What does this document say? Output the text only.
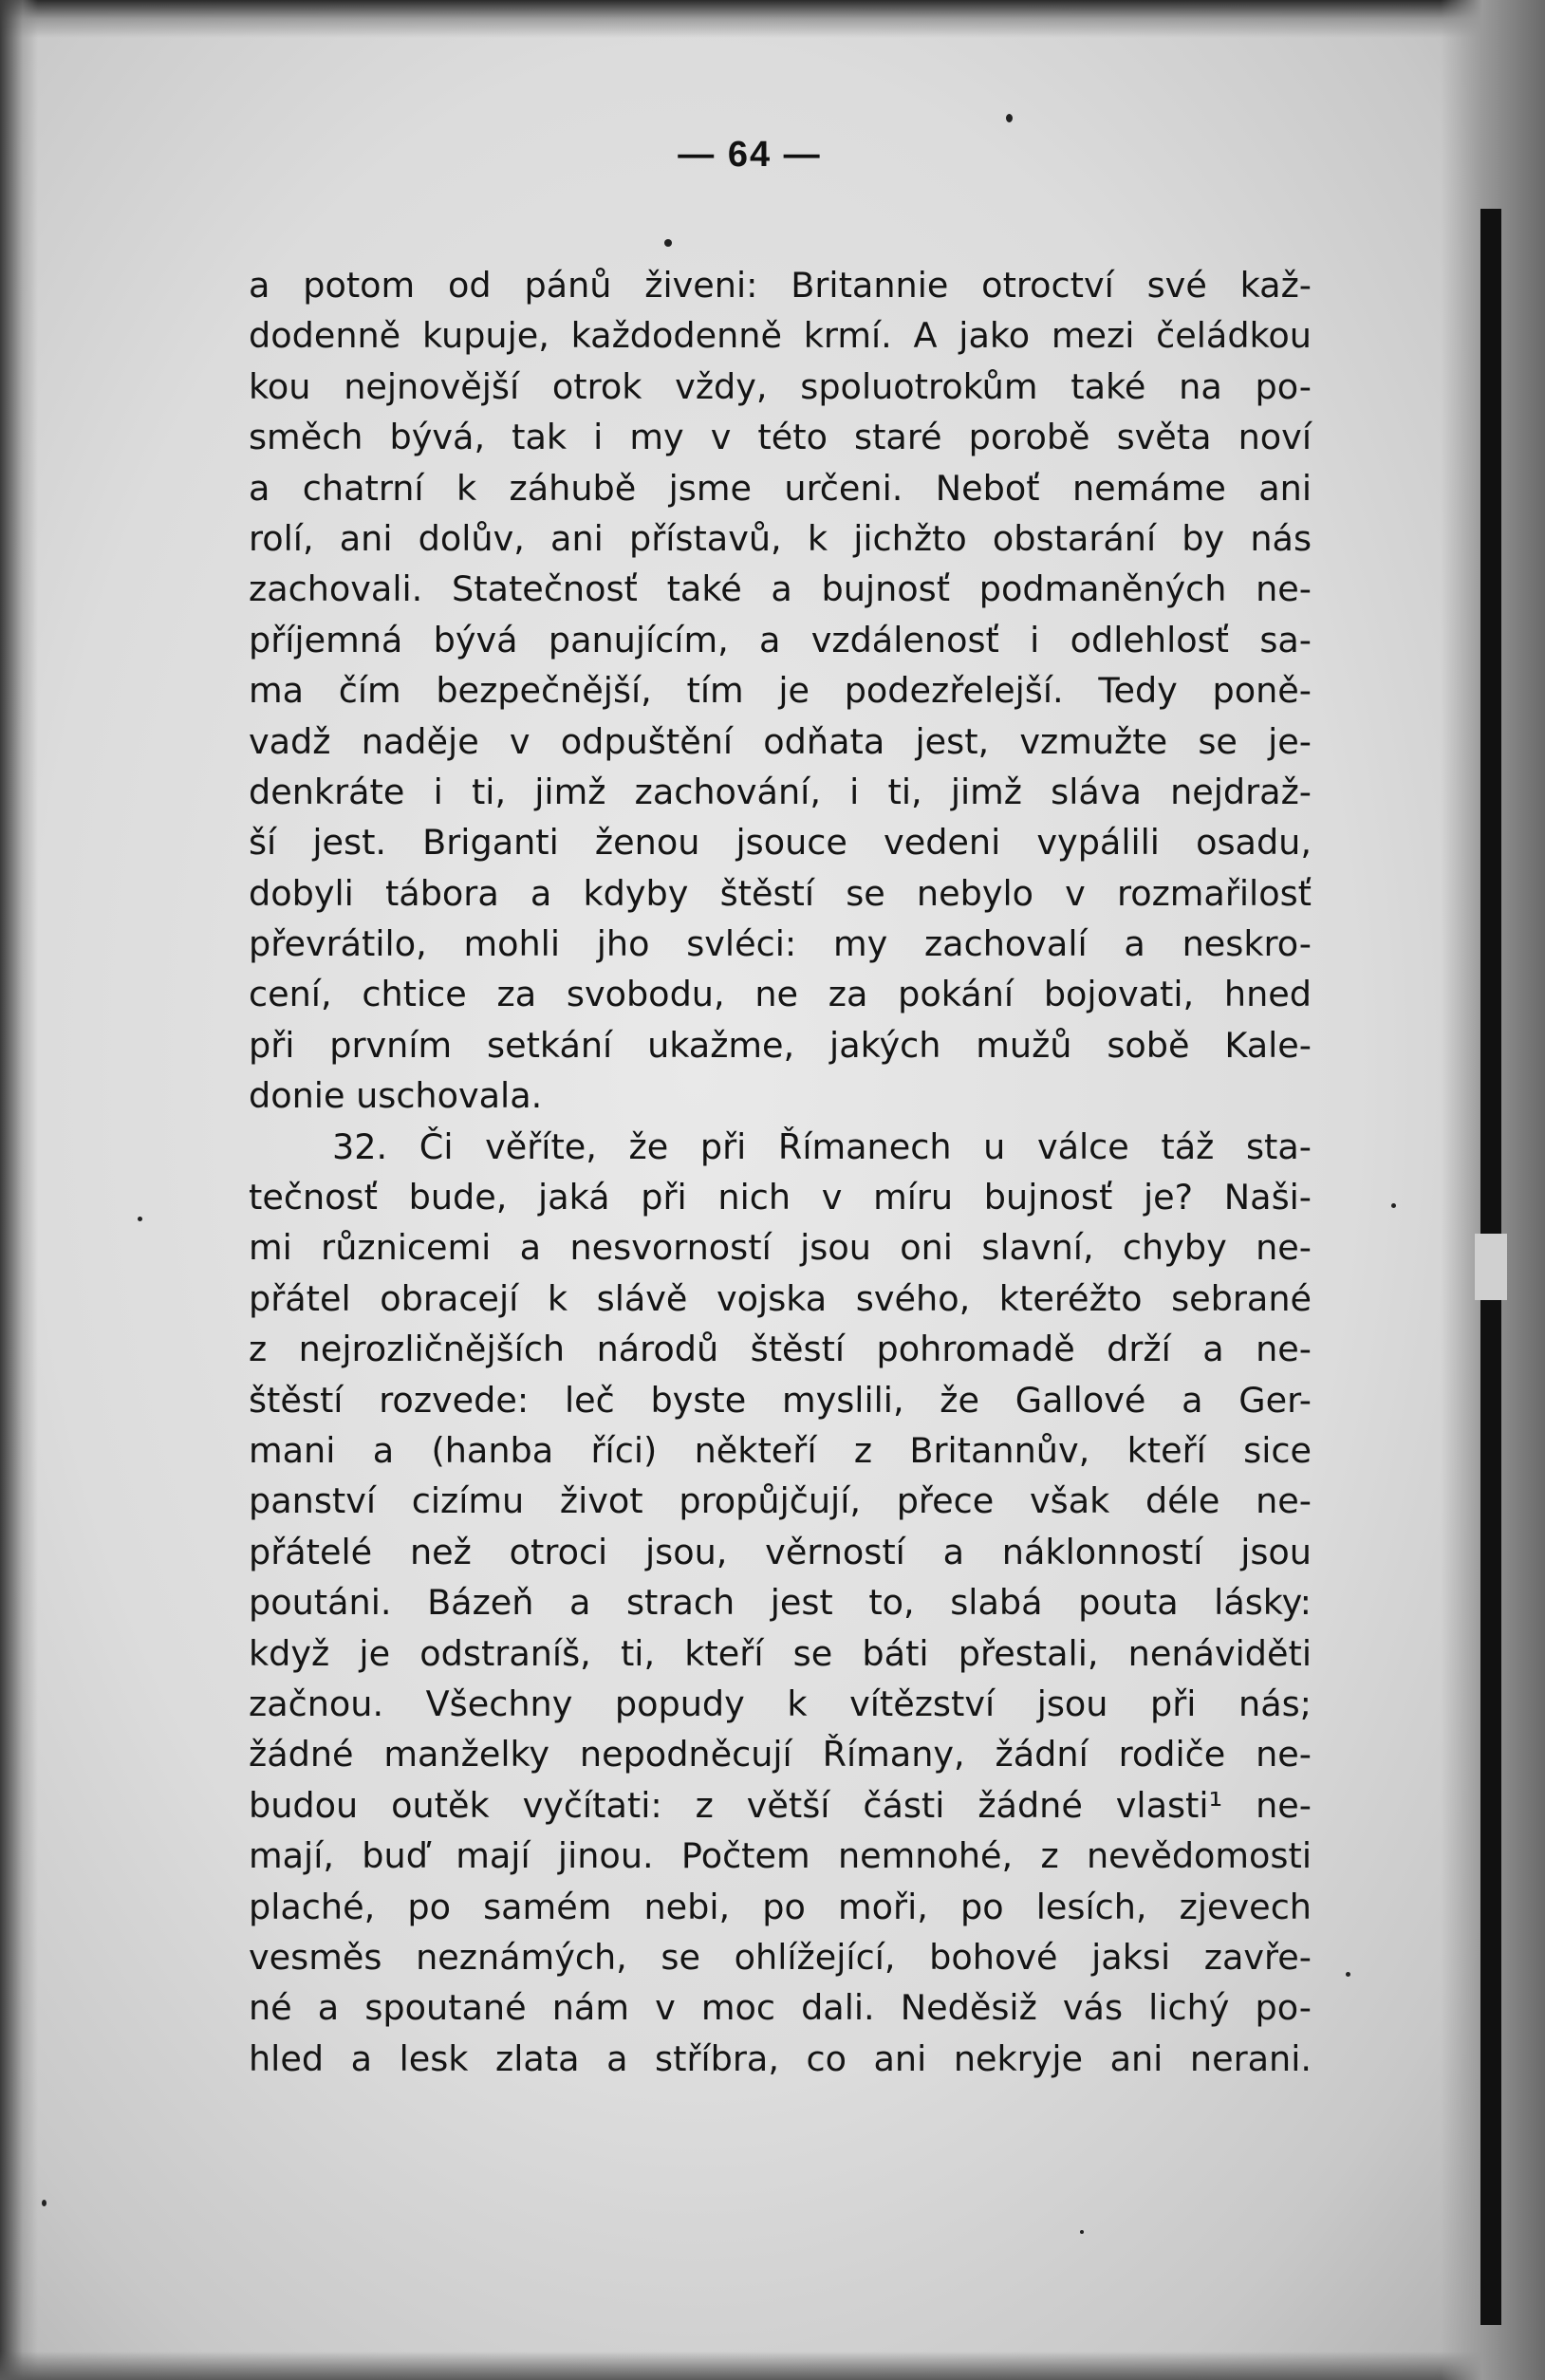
— 64 —
a potom od pánů živeni: Britannie otroctví své kaž-
dodenně kupuje, každodenně krmí. A jako mezi čeládkou
kou nejnovější otrok vždy, spoluotrokům také na po-
směch bývá, tak i my v této staré porobě světa noví
a chatrní k záhubě jsme určeni. Neboť nemáme ani
rolí, ani dolův, ani přístavů, k jichžto obstarání by nás
zachovali. Statečnosť také a bujnosť podmaněných ne-
příjemná bývá panujícím, a vzdálenosť i odlehlosť sa-
ma čím bezpečnější, tím je podezřelejší. Tedy poně-
vadž naděje v odpuštění odňata jest, vzmužte se je-
denkráte i ti, jimž zachování, i ti, jimž sláva nejdraž-
ší jest. Briganti ženou jsouce vedeni vypálili osadu,
dobyli tábora a kdyby štěstí se nebylo v rozmařilosť
převrátilo, mohli jho svléci: my zachovalí a neskro-
cení, chtice za svobodu, ne za pokání bojovati, hned
při prvním setkání ukažme, jakých mužů sobě Kale-
donie uschovala.
32. Či věříte, že při Římanech u válce táž sta-
tečnosť bude, jaká při nich v míru bujnosť je? Naši-
mi různicemi a nesvorností jsou oni slavní, chyby ne-
přátel obracejí k slávě vojska svého, kteréžto sebrané
z nejrozličnějších národů štěstí pohromadě drží a ne-
štěstí rozvede: leč byste myslili, že Gallové a Ger-
mani a (hanba říci) někteří z Britannův, kteří sice
panství cizímu život propůjčují, přece však déle ne-
přátelé než otroci jsou, věrností a náklonností jsou
poutáni. Bázeň a strach jest to, slabá pouta lásky:
když je odstraníš, ti, kteří se báti přestali, nenáviděti
začnou. Všechny popudy k vítězství jsou při nás;
žádné manželky nepodněcují Římany, žádní rodiče ne-
budou outěk vyčítati: z větší části žádné vlasti¹ ne-
mají, buď mají jinou. Počtem nemnohé, z nevědomosti
plaché, po samém nebi, po moři, po lesích, zjevech
vesměs neznámých, se ohlížející, bohové jaksi zavře-
né a spoutané nám v moc dali. Neděsiž vás lichý po-
hled a lesk zlata a stříbra, co ani nekryje ani nerani.
